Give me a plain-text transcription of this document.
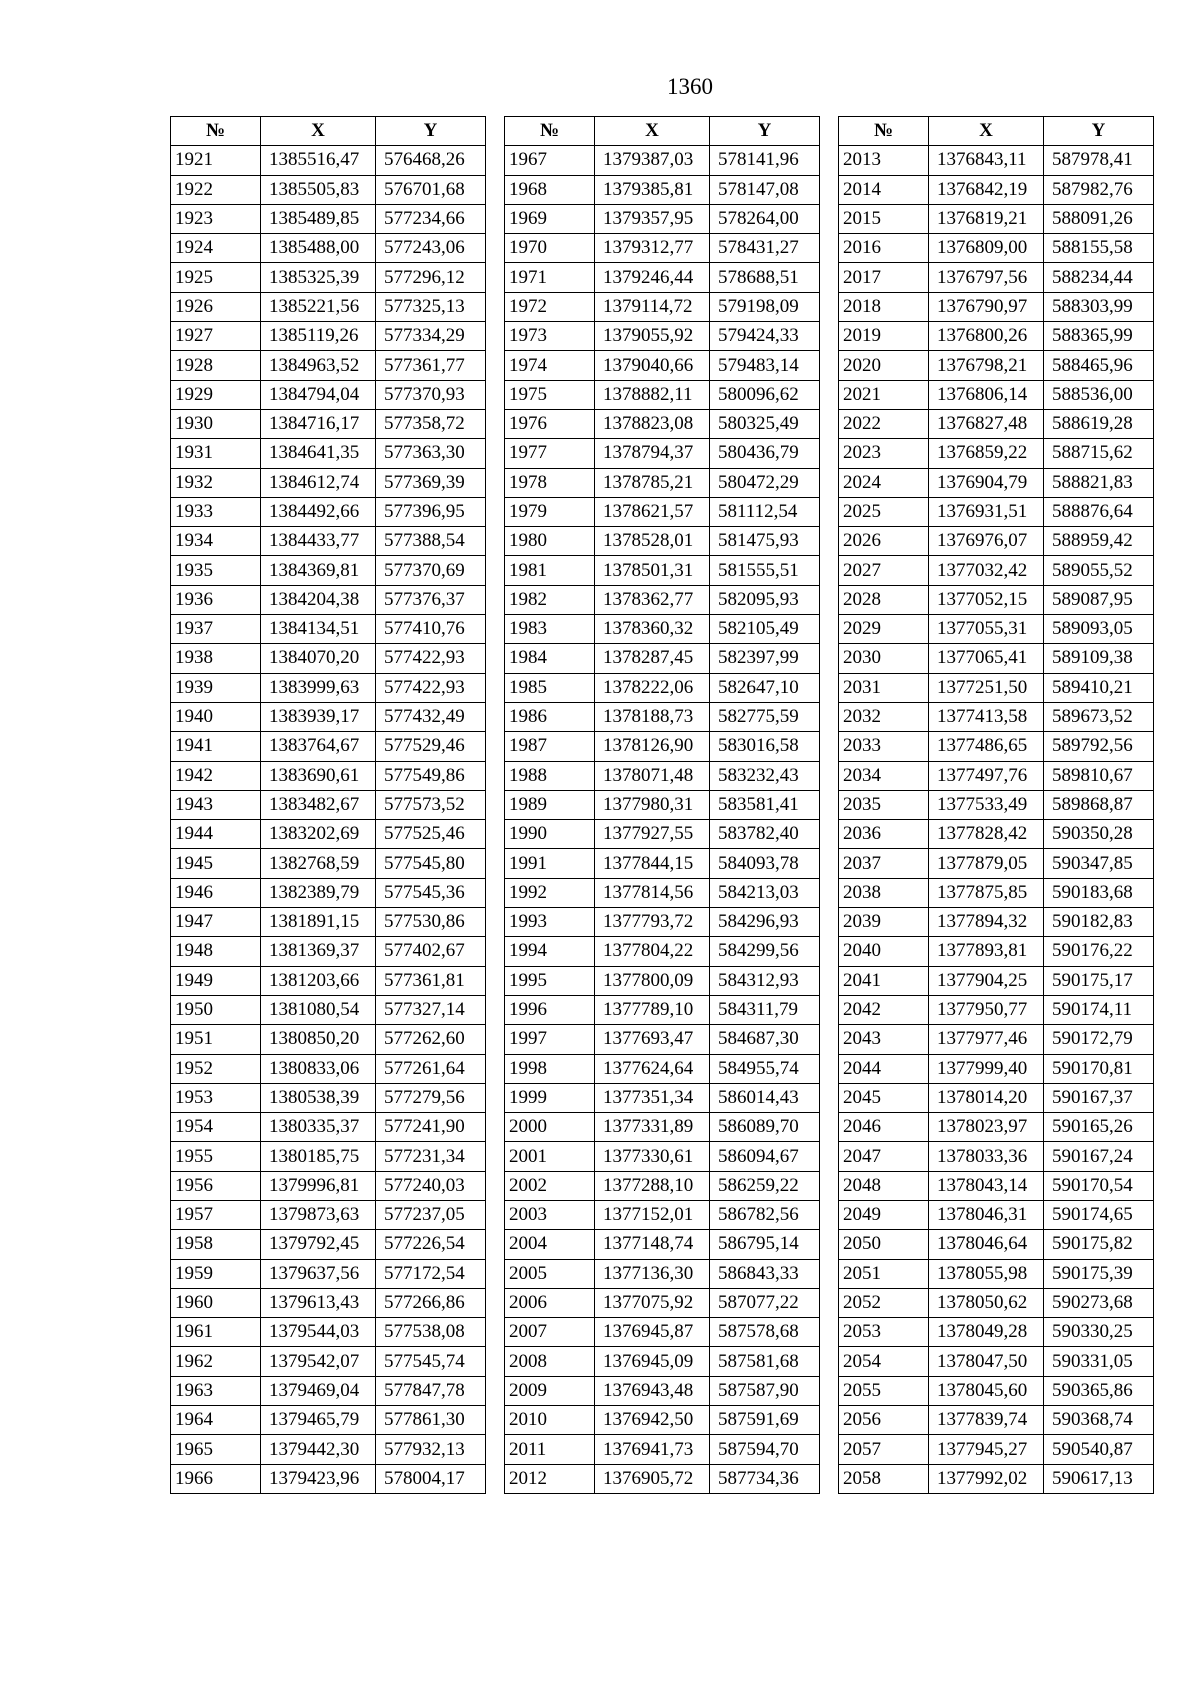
1360
№	X	Y
1921	1385516,47	576468,26
1922	1385505,83	576701,68
1923	1385489,85	577234,66
1924	1385488,00	577243,06
1925	1385325,39	577296,12
1926	1385221,56	577325,13
1927	1385119,26	577334,29
1928	1384963,52	577361,77
1929	1384794,04	577370,93
1930	1384716,17	577358,72
1931	1384641,35	577363,30
1932	1384612,74	577369,39
1933	1384492,66	577396,95
1934	1384433,77	577388,54
1935	1384369,81	577370,69
1936	1384204,38	577376,37
1937	1384134,51	577410,76
1938	1384070,20	577422,93
1939	1383999,63	577422,93
1940	1383939,17	577432,49
1941	1383764,67	577529,46
1942	1383690,61	577549,86
1943	1383482,67	577573,52
1944	1383202,69	577525,46
1945	1382768,59	577545,80
1946	1382389,79	577545,36
1947	1381891,15	577530,86
1948	1381369,37	577402,67
1949	1381203,66	577361,81
1950	1381080,54	577327,14
1951	1380850,20	577262,60
1952	1380833,06	577261,64
1953	1380538,39	577279,56
1954	1380335,37	577241,90
1955	1380185,75	577231,34
1956	1379996,81	577240,03
1957	1379873,63	577237,05
1958	1379792,45	577226,54
1959	1379637,56	577172,54
1960	1379613,43	577266,86
1961	1379544,03	577538,08
1962	1379542,07	577545,74
1963	1379469,04	577847,78
1964	1379465,79	577861,30
1965	1379442,30	577932,13
1966	1379423,96	578004,17
№	X	Y
1967	1379387,03	578141,96
1968	1379385,81	578147,08
1969	1379357,95	578264,00
1970	1379312,77	578431,27
1971	1379246,44	578688,51
1972	1379114,72	579198,09
1973	1379055,92	579424,33
1974	1379040,66	579483,14
1975	1378882,11	580096,62
1976	1378823,08	580325,49
1977	1378794,37	580436,79
1978	1378785,21	580472,29
1979	1378621,57	581112,54
1980	1378528,01	581475,93
1981	1378501,31	581555,51
1982	1378362,77	582095,93
1983	1378360,32	582105,49
1984	1378287,45	582397,99
1985	1378222,06	582647,10
1986	1378188,73	582775,59
1987	1378126,90	583016,58
1988	1378071,48	583232,43
1989	1377980,31	583581,41
1990	1377927,55	583782,40
1991	1377844,15	584093,78
1992	1377814,56	584213,03
1993	1377793,72	584296,93
1994	1377804,22	584299,56
1995	1377800,09	584312,93
1996	1377789,10	584311,79
1997	1377693,47	584687,30
1998	1377624,64	584955,74
1999	1377351,34	586014,43
2000	1377331,89	586089,70
2001	1377330,61	586094,67
2002	1377288,10	586259,22
2003	1377152,01	586782,56
2004	1377148,74	586795,14
2005	1377136,30	586843,33
2006	1377075,92	587077,22
2007	1376945,87	587578,68
2008	1376945,09	587581,68
2009	1376943,48	587587,90
2010	1376942,50	587591,69
2011	1376941,73	587594,70
2012	1376905,72	587734,36
№	X	Y
2013	1376843,11	587978,41
2014	1376842,19	587982,76
2015	1376819,21	588091,26
2016	1376809,00	588155,58
2017	1376797,56	588234,44
2018	1376790,97	588303,99
2019	1376800,26	588365,99
2020	1376798,21	588465,96
2021	1376806,14	588536,00
2022	1376827,48	588619,28
2023	1376859,22	588715,62
2024	1376904,79	588821,83
2025	1376931,51	588876,64
2026	1376976,07	588959,42
2027	1377032,42	589055,52
2028	1377052,15	589087,95
2029	1377055,31	589093,05
2030	1377065,41	589109,38
2031	1377251,50	589410,21
2032	1377413,58	589673,52
2033	1377486,65	589792,56
2034	1377497,76	589810,67
2035	1377533,49	589868,87
2036	1377828,42	590350,28
2037	1377879,05	590347,85
2038	1377875,85	590183,68
2039	1377894,32	590182,83
2040	1377893,81	590176,22
2041	1377904,25	590175,17
2042	1377950,77	590174,11
2043	1377977,46	590172,79
2044	1377999,40	590170,81
2045	1378014,20	590167,37
2046	1378023,97	590165,26
2047	1378033,36	590167,24
2048	1378043,14	590170,54
2049	1378046,31	590174,65
2050	1378046,64	590175,82
2051	1378055,98	590175,39
2052	1378050,62	590273,68
2053	1378049,28	590330,25
2054	1378047,50	590331,05
2055	1378045,60	590365,86
2056	1377839,74	590368,74
2057	1377945,27	590540,87
2058	1377992,02	590617,13
